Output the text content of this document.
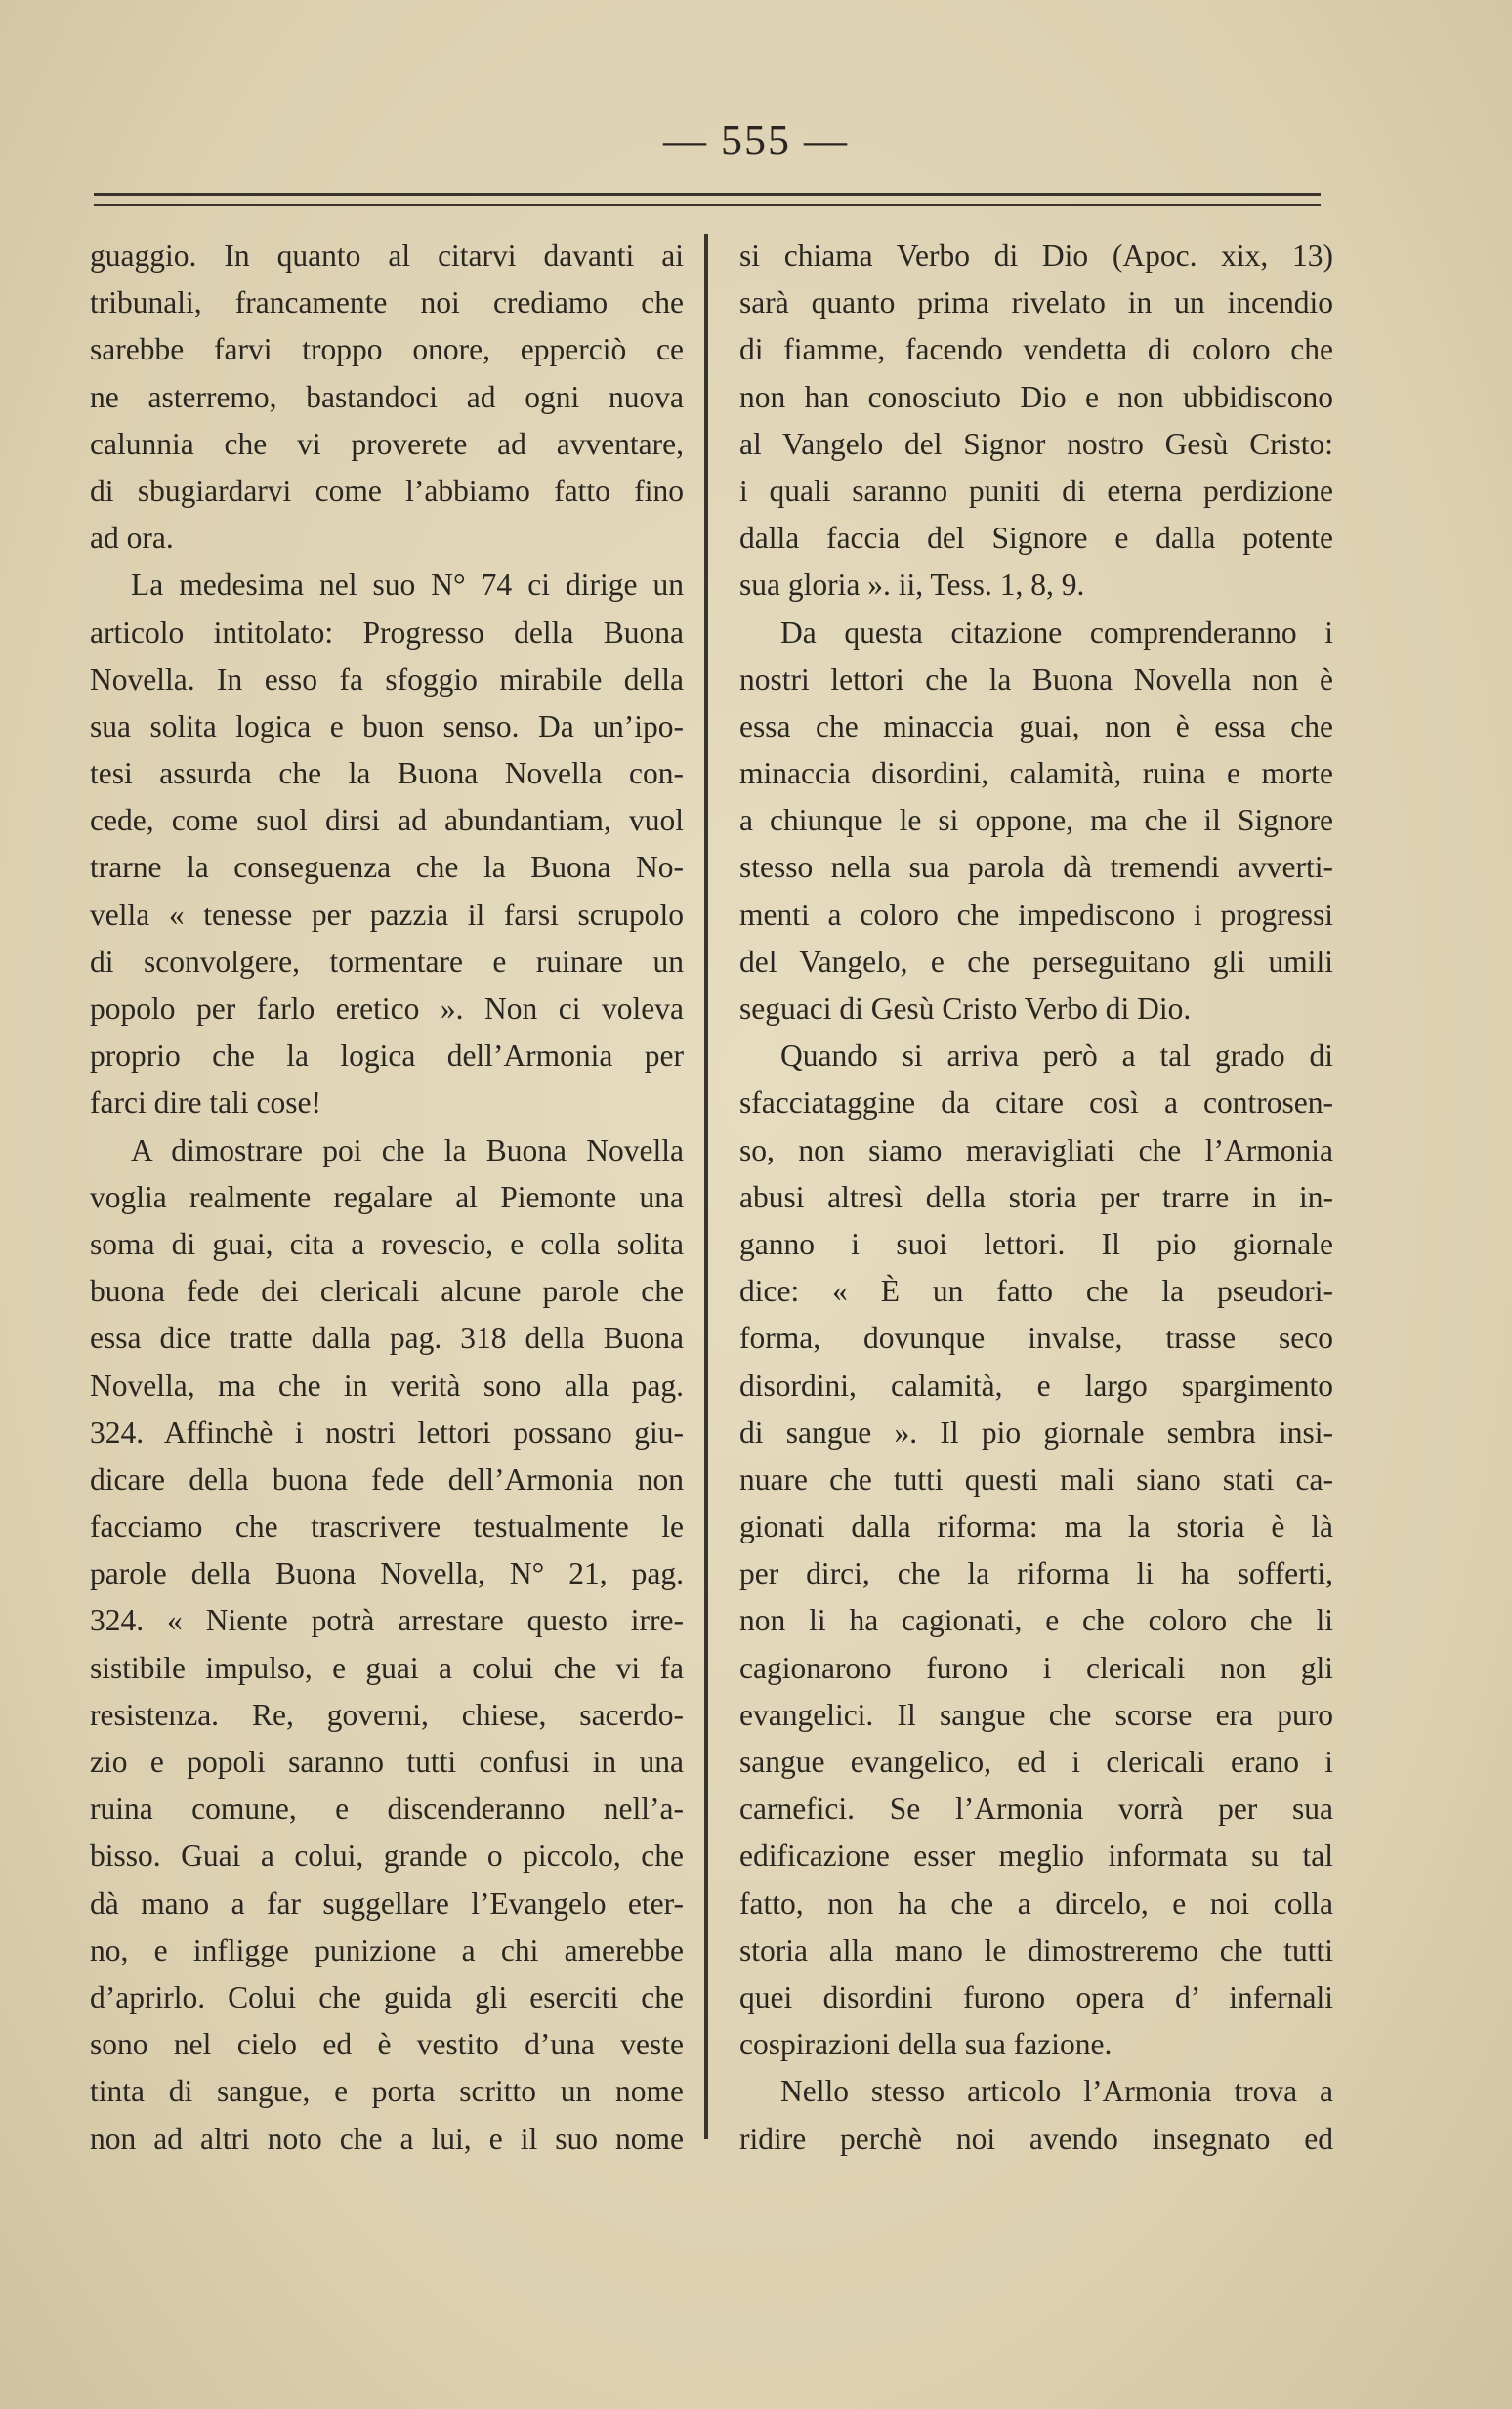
— 555 —
guaggio. In quanto al citarvi davanti ai
tribunali, francamente noi crediamo che
sarebbe farvi troppo onore, epperciò ce
ne asterremo, bastandoci ad ogni nuova
calunnia che vi proverete ad avventare,
di sbugiardarvi come l’abbiamo fatto fino
ad ora.
La medesima nel suo N° 74 ci dirige un
articolo intitolato: Progresso della Buona
Novella. In esso fa sfoggio mirabile della
sua solita logica e buon senso. Da un’ipo-
tesi assurda che la Buona Novella con-
cede, come suol dirsi ad abundantiam, vuol
trarne la conseguenza che la Buona No-
vella « tenesse per pazzia il farsi scrupolo
di sconvolgere, tormentare e ruinare un
popolo per farlo eretico ». Non ci voleva
proprio che la logica dell’Armonia per
farci dire tali cose!
A dimostrare poi che la Buona Novella
voglia realmente regalare al Piemonte una
soma di guai, cita a rovescio, e colla solita
buona fede dei clericali alcune parole che
essa dice tratte dalla pag. 318 della Buona
Novella, ma che in verità sono alla pag.
324. Affinchè i nostri lettori possano giu-
dicare della buona fede dell’Armonia non
facciamo che trascrivere testualmente le
parole della Buona Novella, N° 21, pag.
324. « Niente potrà arrestare questo irre-
sistibile impulso, e guai a colui che vi fa
resistenza. Re, governi, chiese, sacerdo-
zio e popoli saranno tutti confusi in una
ruina comune, e discenderanno nell’a-
bisso. Guai a colui, grande o piccolo, che
dà mano a far suggellare l’Evangelo eter-
no, e infligge punizione a chi amerebbe
d’aprirlo. Colui che guida gli eserciti che
sono nel cielo ed è vestito d’una veste
tinta di sangue, e porta scritto un nome
non ad altri noto che a lui, e il suo nome
si chiama Verbo di Dio (Apoc. xix, 13)
sarà quanto prima rivelato in un incendio
di fiamme, facendo vendetta di coloro che
non han conosciuto Dio e non ubbidiscono
al Vangelo del Signor nostro Gesù Cristo:
i quali saranno puniti di eterna perdizione
dalla faccia del Signore e dalla potente
sua gloria ». ii, Tess. 1, 8, 9.
Da questa citazione comprenderanno i
nostri lettori che la Buona Novella non è
essa che minaccia guai, non è essa che
minaccia disordini, calamità, ruina e morte
a chiunque le si oppone, ma che il Signore
stesso nella sua parola dà tremendi avverti-
menti a coloro che impediscono i progressi
del Vangelo, e che perseguitano gli umili
seguaci di Gesù Cristo Verbo di Dio.
Quando si arriva però a tal grado di
sfacciataggine da citare così a controsen-
so, non siamo meravigliati che l’Armonia
abusi altresì della storia per trarre in in-
ganno i suoi lettori. Il pio giornale
dice: « È un fatto che la pseudori-
forma, dovunque invalse, trasse seco
disordini, calamità, e largo spargimento
di sangue ». Il pio giornale sembra insi-
nuare che tutti questi mali siano stati ca-
gionati dalla riforma: ma la storia è là
per dirci, che la riforma li ha sofferti,
non li ha cagionati, e che coloro che li
cagionarono furono i clericali non gli
evangelici. Il sangue che scorse era puro
sangue evangelico, ed i clericali erano i
carnefici. Se l’Armonia vorrà per sua
edificazione esser meglio informata su tal
fatto, non ha che a dircelo, e noi colla
storia alla mano le dimostreremo che tutti
quei disordini furono opera d’ infernali
cospirazioni della sua fazione.
Nello stesso articolo l’Armonia trova a
ridire perchè noi avendo insegnato ed
